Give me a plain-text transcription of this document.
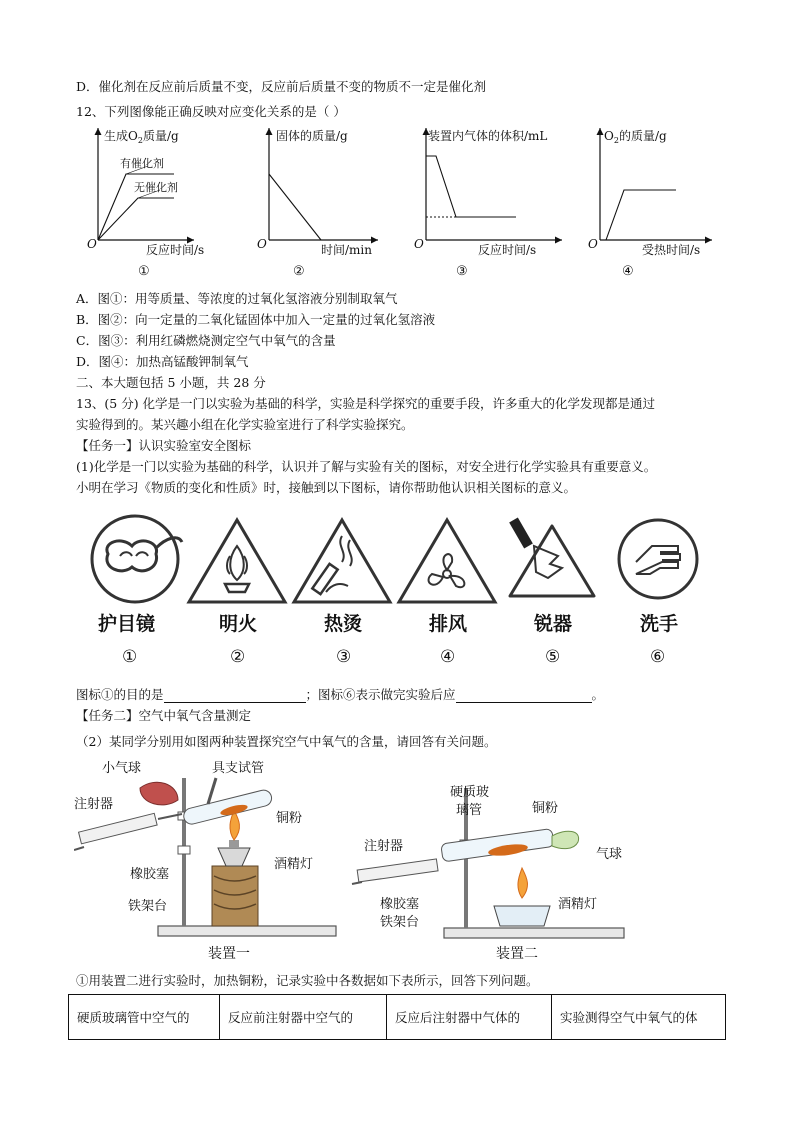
D．催化剂在反应前后质量不变，反应前后质量不变的物质不一定是催化剂
12、下列图像能正确反映对应变化关系的是（ ）
生成$O_2$质量/g
有催化剂
无催化剂
O	反应时间/s
①
固体的质量/g
O	时间/min
②
装置内气体的体积/mL
O	反应时间/s
③
$O_2$的质量/g
O	受热时间/s
④
A．图①：用等质量、等浓度的过氧化氢溶液分别制取氧气
B．图②：向一定量的二氧化锰固体中加入一定量的过氧化氢溶液
C．图③：利用红磷燃烧测定空气中氧气的含量
D．图④：加热高锰酸钾制氧气
二、本大题包括 5 小题，共 28 分
13、(5 分) 化学是一门以实验为基础的科学，实验是科学探究的重要手段，许多重大的化学发现都是通过
实验得到的。某兴趣小组在化学实验室进行了科学实验探究。
【任务一】认识实验室安全图标
(1)化学是一门以实验为基础的科学，认识并了解与实验有关的图标，对安全进行化学实验具有重要意义。
小明在学习《物质的变化和性质》时，接触到以下图标，请你帮助他认识相关图标的意义。
护目镜	明火	热烫	排风	锐器	洗手
①	②	③	④	⑤	⑥
图标①的目的是	；图标⑥表示做完实验后应	。
【任务二】空气中氧气含量测定
（2）某同学分别用如图两种装置探究空气中氧气的含量，请回答有关问题。
小气球	具支试管
注射器
铜粉
橡胶塞
酒精灯
铁架台
装置一
硬质玻
璃管	铜粉
注射器
气球
橡胶塞	酒精灯
铁架台
装置二
①用装置二进行实验时，加热铜粉，记录实验中各数据如下表所示，回答下列问题。
硬质玻璃管中空气的	反应前注射器中空气的	反应后注射器中气体的	实验测得空气中氧气的体
